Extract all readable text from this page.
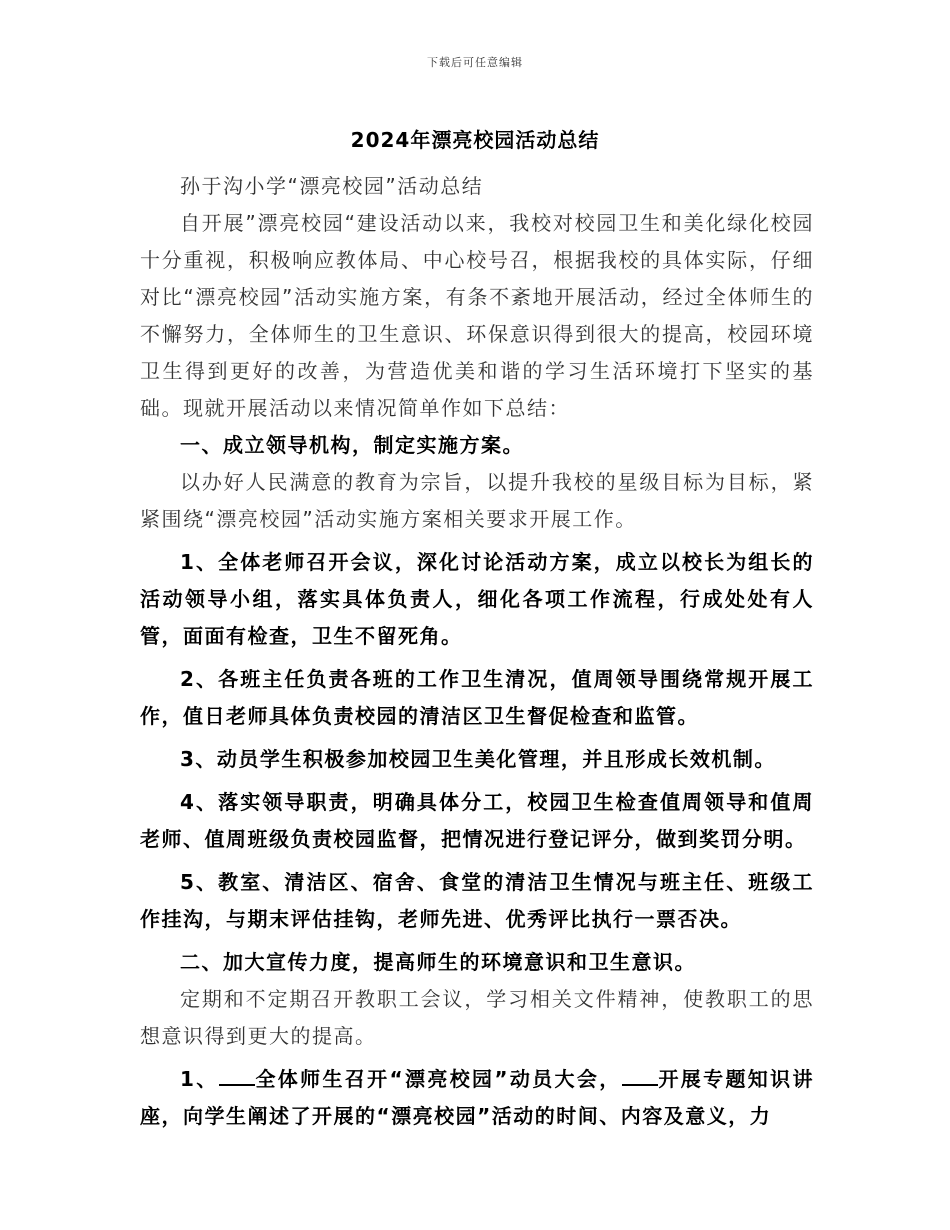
下载后可任意编辑
2024年漂亮校园活动总结

孙于沟小学“漂亮校园”活动总结

自开展”漂亮校园“建设活动以来，我校对校园卫生和美化绿化校园十分重视，积极响应教体局、中心校号召，根据我校的具体实际，仔细对比“漂亮校园”活动实施方案，有条不紊地开展活动，经过全体师生的不懈努力，全体师生的卫生意识、环保意识得到很大的提高，校园环境卫生得到更好的改善，为营造优美和谐的学习生活环境打下坚实的基础。现就开展活动以来情况简单作如下总结：

一、成立领导机构，制定实施方案。

以办好人民满意的教育为宗旨，以提升我校的星级目标为目标，紧紧围绕“漂亮校园”活动实施方案相关要求开展工作。

1、全体老师召开会议，深化讨论活动方案，成立以校长为组长的活动领导小组，落实具体负责人，细化各项工作流程，行成处处有人管，面面有检查，卫生不留死角。

2、各班主任负责各班的工作卫生清况，值周领导围绕常规开展工作，值日老师具体负责校园的清洁区卫生督促检查和监管。

3、动员学生积极参加校园卫生美化管理，并且形成长效机制。

4、落实领导职责，明确具体分工，校园卫生检查值周领导和值周老师、值周班级负责校园监督，把情况进行登记评分，做到奖罚分明。

5、教室、清洁区、宿舍、食堂的清洁卫生情况与班主任、班级工作挂沟，与期末评估挂钩，老师先进、优秀评比执行一票否决。

二、加大宣传力度，提高师生的环境意识和卫生意识。

定期和不定期召开教职工会议，学习相关文件精神，使教职工的思想意识得到更大的提高。

1、 全体师生召开“漂亮校园”动员大会， 开展专题知识讲座，向学生阐述了开展的“漂亮校园”活动的时间、内容及意义，力
